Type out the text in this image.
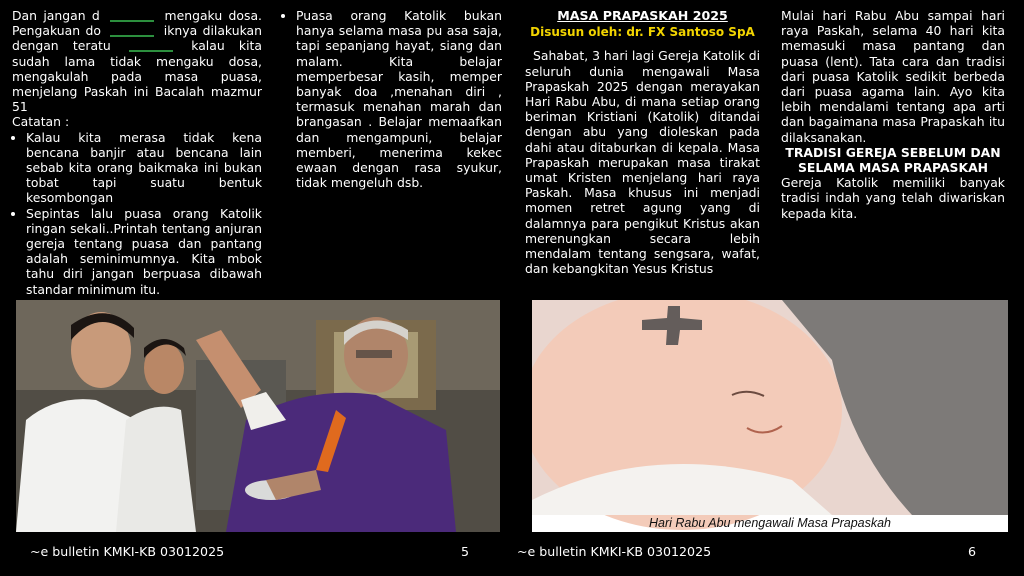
Dan jangan d	mengaku dosa. Pengakuan do	iknya dilakukan dengan teratu	kalau kita sudah lama tidak mengaku dosa, mengakulah pada masa puasa, menjelang Paskah ini Bacalah mazmur 51

Catatan :

• Kalau kita merasa tidak kena bencana banjir atau bencana lain sebab kita orang baikmaka ini bukan tobat tapi suatu bentuk kesombongan
• Sepintas lalu puasa orang Katolik ringan sekali..Printah tentang anjuran gereja tentang puasa dan pantang adalah seminimumnya. Kita mbok tahu diri jangan berpuasa dibawah standar minimum itu.
• Puasa orang Katolik bukan hanya selama masa pu asa saja, tapi sepanjang hayat, siang dan malam. Kita belajar memperbesar kasih, memper banyak doa ,menahan diri , termasuk menahan marah dan brangasan . Belajar memaafkan dan mengampuni, belajar memberi, menerima kekec ewaan dengan rasa syukur, tidak mengeluh dsb.
MASA PRAPASKAH 2025
Disusun oleh: dr. FX Santoso SpA

Sahabat, 3 hari lagi Gereja Katolik di seluruh dunia mengawali Masa Prapaskah 2025 dengan merayakan Hari Rabu Abu, di mana setiap orang beriman Kristiani (Katolik) ditandai dengan abu yang dioleskan pada dahi atau ditaburkan di kepala. Masa Prapaskah merupakan masa tirakat umat Kristen menjelang hari raya Paskah. Masa khusus ini menjadi momen retret agung yang di dalamnya para pengikut Kristus akan merenungkan secara lebih mendalam tentang sengsara, wafat, dan kebangkitan Yesus Kristus

Mulai hari Rabu Abu sampai hari raya Paskah, selama 40 hari kita memasuki masa pantang dan puasa (lent). Tata cara dan tradisi dari puasa Katolik sedikit berbeda dari puasa agama lain. Ayo kita lebih mendalami tentang apa arti dan bagaimana masa Prapaskah itu dilaksanakan.

TRADISI GEREJA SEBELUM DAN SELAMA MASA PRAPASKAH

Gereja Katolik memiliki banyak tradisi indah yang telah diwariskan kepada kita.

Hari Rabu Abu mengawali Masa Prapaskah
~e bulletin KMKI-KB 03012025	5	~e bulletin KMKI-KB 03012025	6
